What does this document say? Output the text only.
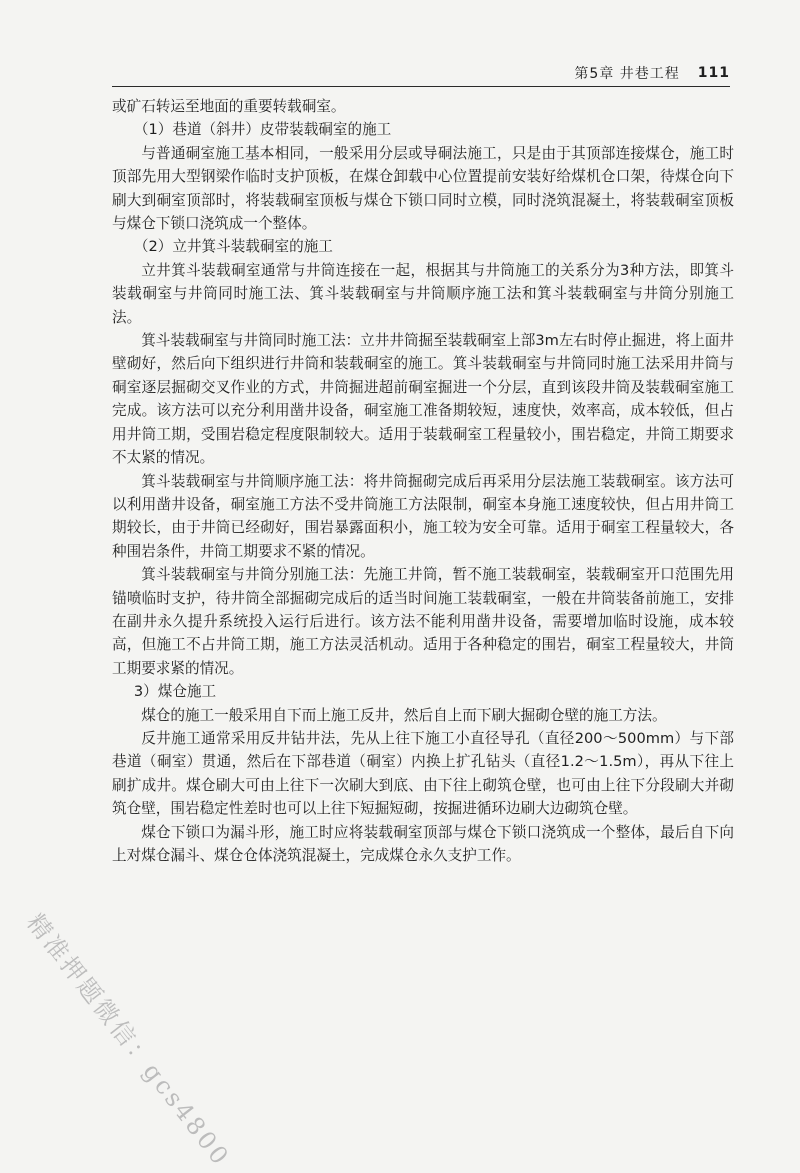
第5章 井巷工程 111

或矿石转运至地面的重要转载硐室。

（1）巷道（斜井）皮带装载硐室的施工

与普通硐室施工基本相同，一般采用分层或导硐法施工，只是由于其顶部连接煤仓，施工时顶部先用大型钢梁作临时支护顶板，在煤仓卸载中心位置提前安装好给煤机仓口架，待煤仓向下刷大到硐室顶部时，将装载硐室顶板与煤仓下锁口同时立模，同时浇筑混凝土，将装载硐室顶板与煤仓下锁口浇筑成一个整体。

（2）立井箕斗装载硐室的施工

立井箕斗装载硐室通常与井筒连接在一起，根据其与井筒施工的关系分为3种方法，即箕斗装载硐室与井筒同时施工法、箕斗装载硐室与井筒顺序施工法和箕斗装载硐室与井筒分别施工法。

箕斗装载硐室与井筒同时施工法：立井井筒掘至装载硐室上部3m左右时停止掘进，将上面井壁砌好，然后向下组织进行井筒和装载硐室的施工。箕斗装载硐室与井筒同时施工法采用井筒与硐室逐层掘砌交叉作业的方式，井筒掘进超前硐室掘进一个分层，直到该段井筒及装载硐室施工完成。该方法可以充分利用凿井设备，硐室施工准备期较短，速度快，效率高，成本较低，但占用井筒工期，受围岩稳定程度限制较大。适用于装载硐室工程量较小，围岩稳定，井筒工期要求不太紧的情况。

箕斗装载硐室与井筒顺序施工法：将井筒掘砌完成后再采用分层法施工装载硐室。该方法可以利用凿井设备，硐室施工方法不受井筒施工方法限制，硐室本身施工速度较快，但占用井筒工期较长，由于井筒已经砌好，围岩暴露面积小，施工较为安全可靠。适用于硐室工程量较大，各种围岩条件，井筒工期要求不紧的情况。

箕斗装载硐室与井筒分别施工法：先施工井筒，暂不施工装载硐室，装载硐室开口范围先用锚喷临时支护，待井筒全部掘砌完成后的适当时间施工装载硐室，一般在井筒装备前施工，安排在副井永久提升系统投入运行后进行。该方法不能利用凿井设备，需要增加临时设施，成本较高，但施工不占井筒工期，施工方法灵活机动。适用于各种稳定的围岩，硐室工程量较大，井筒工期要求紧的情况。

3）煤仓施工

煤仓的施工一般采用自下而上施工反井，然后自上而下刷大掘砌仓壁的施工方法。

反井施工通常采用反井钻井法，先从上往下施工小直径导孔（直径200～500mm）与下部巷道（硐室）贯通，然后在下部巷道（硐室）内换上扩孔钻头（直径1.2～1.5m），再从下往上刷扩成井。煤仓刷大可由上往下一次刷大到底、由下往上砌筑仓壁，也可由上往下分段刷大并砌筑仓壁，围岩稳定性差时也可以上往下短掘短砌，按掘进循环边刷大边砌筑仓壁。

煤仓下锁口为漏斗形，施工时应将装载硐室顶部与煤仓下锁口浇筑成一个整体，最后自下向上对煤仓漏斗、煤仓仓体浇筑混凝土，完成煤仓永久支护工作。

精准押题微信：gcs4800
